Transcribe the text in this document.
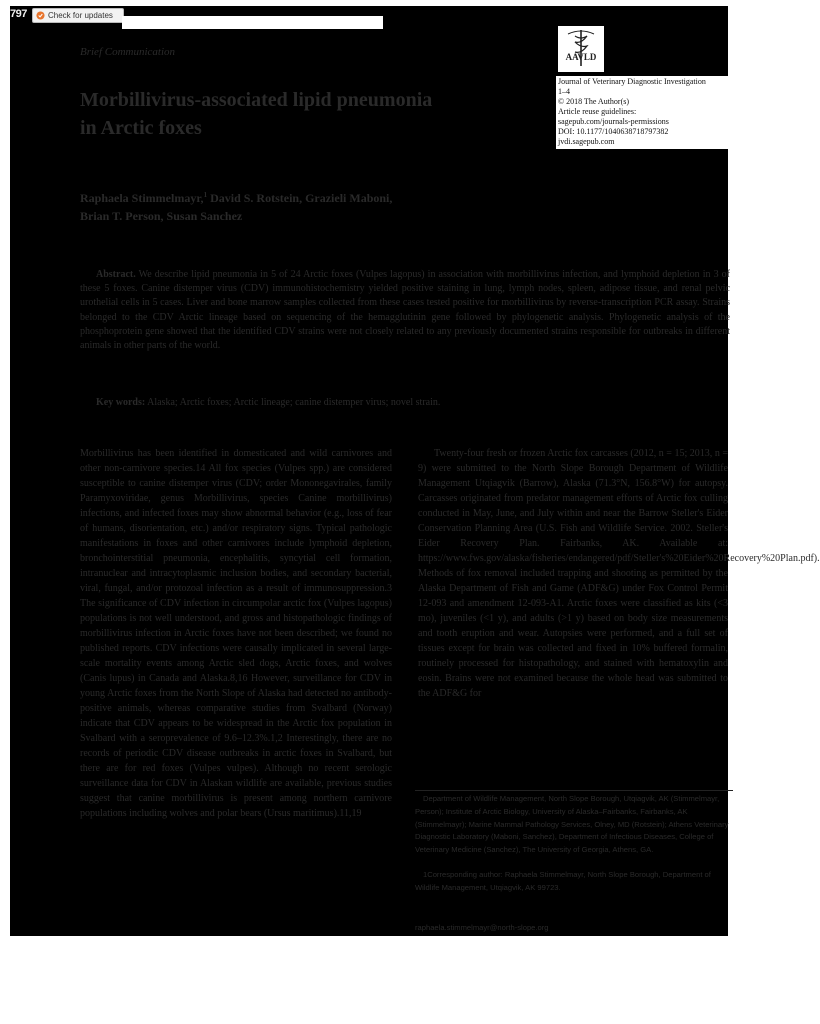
797	Check for updates
Brief Communication	AAVLD
Journal of Veterinary Diagnostic Investigation
1–4
© 2018 The Author(s)
Article reuse guidelines:
sagepub.com/journals-permissions
DOI: 10.1177/1040638718797382
jvdi.sagepub.com
Morbillivirus-associated lipid pneumonia in Arctic foxes
Raphaela Stimmelmayr,$^1$ David S. Rotstein, Grazieli Maboni,
Brian T. Person, Susan Sanchez
Abstract. We describe lipid pneumonia in 5 of 24 Arctic foxes (Vulpes lagopus) in association with morbillivirus infection, and lymphoid depletion in 3 of these 5 foxes. Canine distemper virus (CDV) immunohistochemistry yielded positive staining in lung, lymph nodes, spleen, adipose tissue, and renal pelvic urothelial cells in 5 cases. Liver and bone marrow samples collected from these cases tested positive for morbillivirus by reverse-transcription PCR assay. Strains belonged to the CDV Arctic lineage based on sequencing of the hemagglutinin gene followed by phylogenetic analysis. Phylogenetic analysis of the phosphoprotein gene showed that the identified CDV strains were not closely related to any previously documented strains responsible for outbreaks in different animals in other parts of the world.
Key words: Alaska; Arctic foxes; Arctic lineage; canine distemper virus; novel strain.
Morbillivirus has been identified in domesticated and wild carnivores and other non-carnivore species.14 All fox species (Vulpes spp.) are considered susceptible to canine distemper virus (CDV; order Mononegavirales, family Paramyxoviridae, genus Morbillivirus, species Canine morbillivirus) infections, and infected foxes may show abnormal behavior (e.g., loss of fear of humans, disorientation, etc.) and/or respiratory signs. Typical pathologic manifestations in foxes and other carnivores include lymphoid depletion, bronchointerstitial pneumonia, encephalitis, syncytial cell formation, intranuclear and intracytoplasmic inclusion bodies, and secondary bacterial, viral, fungal, and/or protozoal infection as a result of immunosuppression.3 The significance of CDV infection in circumpolar arctic fox (Vulpes lagopus) populations is not well understood, and gross and histopathologic findings of morbillivirus infection in Arctic foxes have not been described; we found no published reports. CDV infections were causally implicated in several large-scale mortality events among Arctic sled dogs, Arctic foxes, and wolves (Canis lupus) in Canada and Alaska.8,16 However, surveillance for CDV in young Arctic foxes from the North Slope of Alaska had detected no antibody-positive animals, whereas comparative studies from Svalbard (Norway) indicate that CDV appears to be widespread in the Arctic fox population in Svalbard with a seroprevalence of 9.6–12.3%.1,2 Interestingly, there are no records of periodic CDV disease outbreaks in arctic foxes in Svalbard, but there are for red foxes (Vulpes vulpes). Although no recent serologic surveillance data for CDV in Alaskan wildlife are available, previous studies suggest that canine morbillivirus is present among northern carnivore populations including wolves and polar bears (Ursus maritimus).11,19
Twenty-four fresh or frozen Arctic fox carcasses (2012, n = 15; 2013, n = 9) were submitted to the North Slope Borough Department of Wildlife Management Utqiagvik (Barrow), Alaska (71.3°N, 156.8°W) for autopsy. Carcasses originated from predator management efforts of Arctic fox culling conducted in May, June, and July within and near the Barrow Steller's Eider Conservation Planning Area (U.S. Fish and Wildlife Service. 2002. Steller's Eider Recovery Plan. Fairbanks, AK. Available at: https://www.fws.gov/alaska/fisheries/endangered/pdf/Steller's%20Eider%20Recovery%20Plan.pdf). Methods of fox removal included trapping and shooting as permitted by the Alaska Department of Fish and Game (ADF&G) under Fox Control Permit 12-093 and amendment 12-093-A1. Arctic foxes were classified as kits (<3 mo), juveniles (<1 y), and adults (>1 y) based on body size measurements and tooth eruption and wear. Autopsies were performed, and a full set of tissues except for brain was collected and fixed in 10% buffered formalin, routinely processed for histopathology, and stained with hematoxylin and eosin. Brains were not examined because the whole head was submitted to the ADF&G for

Department of Wildlife Management, North Slope Borough, Utqiagvik, AK (Stimmelmayr, Person); Institute of Arctic Biology, University of Alaska–Fairbanks, Fairbanks, AK (Stimmelmayr); Marine Mammal Pathology Services, Olney, MD (Rotstein); Athens Veterinary Diagnostic Laboratory (Maboni, Sanchez), Department of Infectious Diseases, College of Veterinary Medicine (Sanchez), The University of Georgia, Athens, GA.

1Corresponding author: Raphaela Stimmelmayr, North Slope Borough, Department of Wildlife Management, Utqiagvik, AK 99723.

raphaela.stimmelmayr@north-slope.org
